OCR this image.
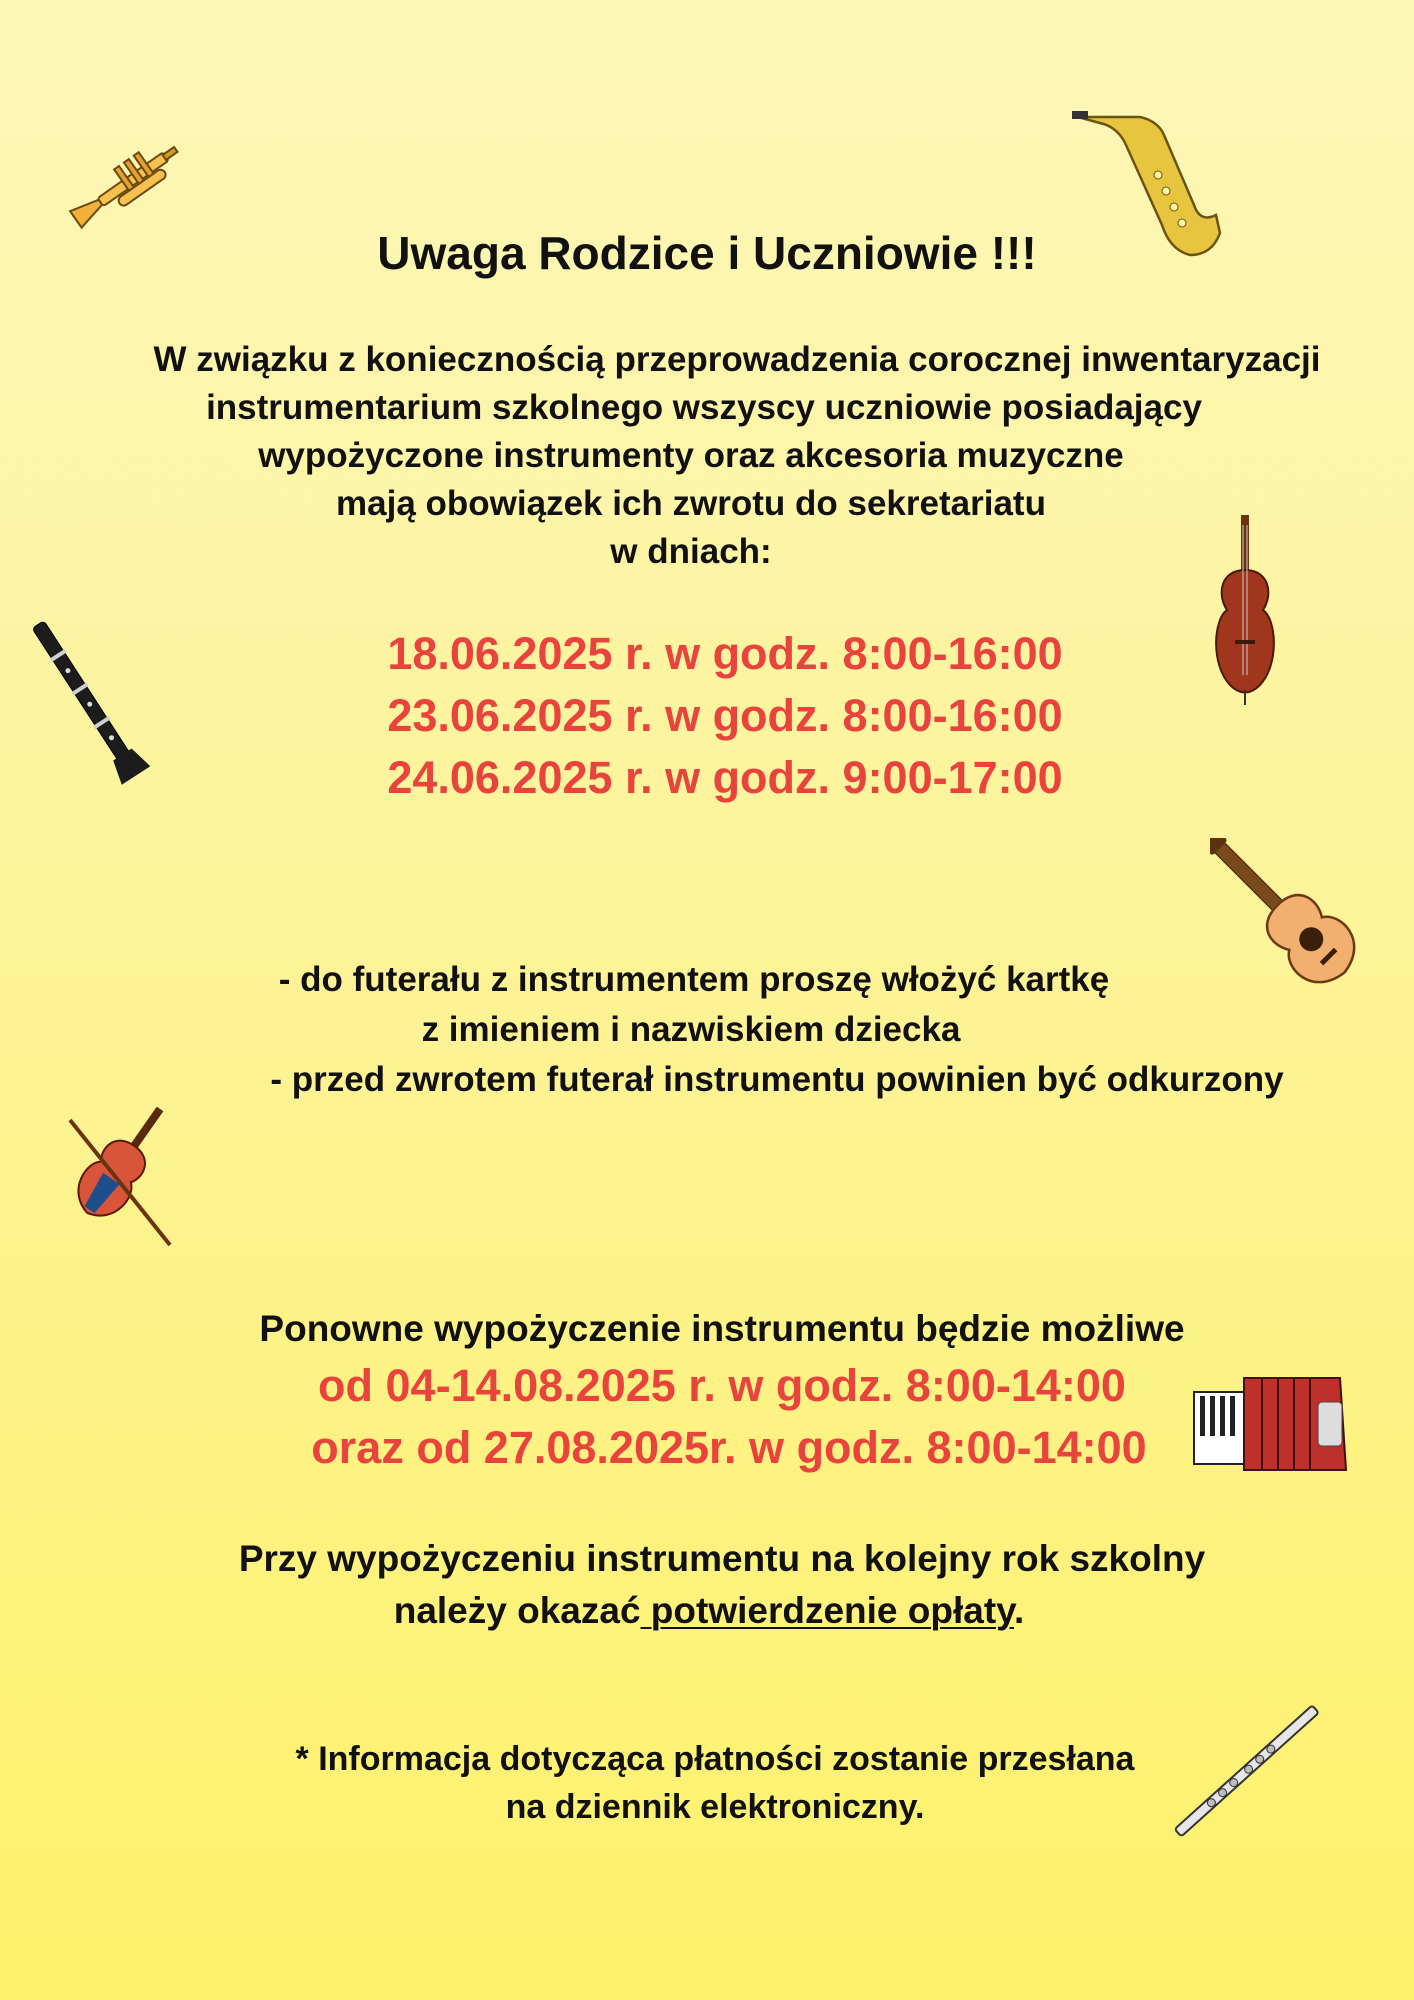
Uwaga Rodzice i Uczniowie !!!
W związku z koniecznością przeprowadzenia corocznej inwentaryzacji
instrumentarium szkolnego wszyscy uczniowie posiadający
wypożyczone instrumenty oraz akcesoria muzyczne
mają obowiązek ich zwrotu do sekretariatu
w dniach:
18.06.2025 r. w godz. 8:00-16:00
23.06.2025 r. w godz. 8:00-16:00
24.06.2025 r. w godz. 9:00-17:00
- do futerału z instrumentem proszę włożyć kartkę
z imieniem i nazwiskiem dziecka
- przed zwrotem futerał instrumentu powinien być odkurzony
Ponowne wypożyczenie instrumentu będzie możliwe
od 04-14.08.2025 r. w godz. 8:00-14:00
oraz od 27.08.2025r. w godz. 8:00-14:00
Przy wypożyczeniu instrumentu na kolejny rok szkolny
należy okazać potwierdzenie opłaty.
* Informacja dotycząca płatności zostanie przesłana
na dziennik elektroniczny.
